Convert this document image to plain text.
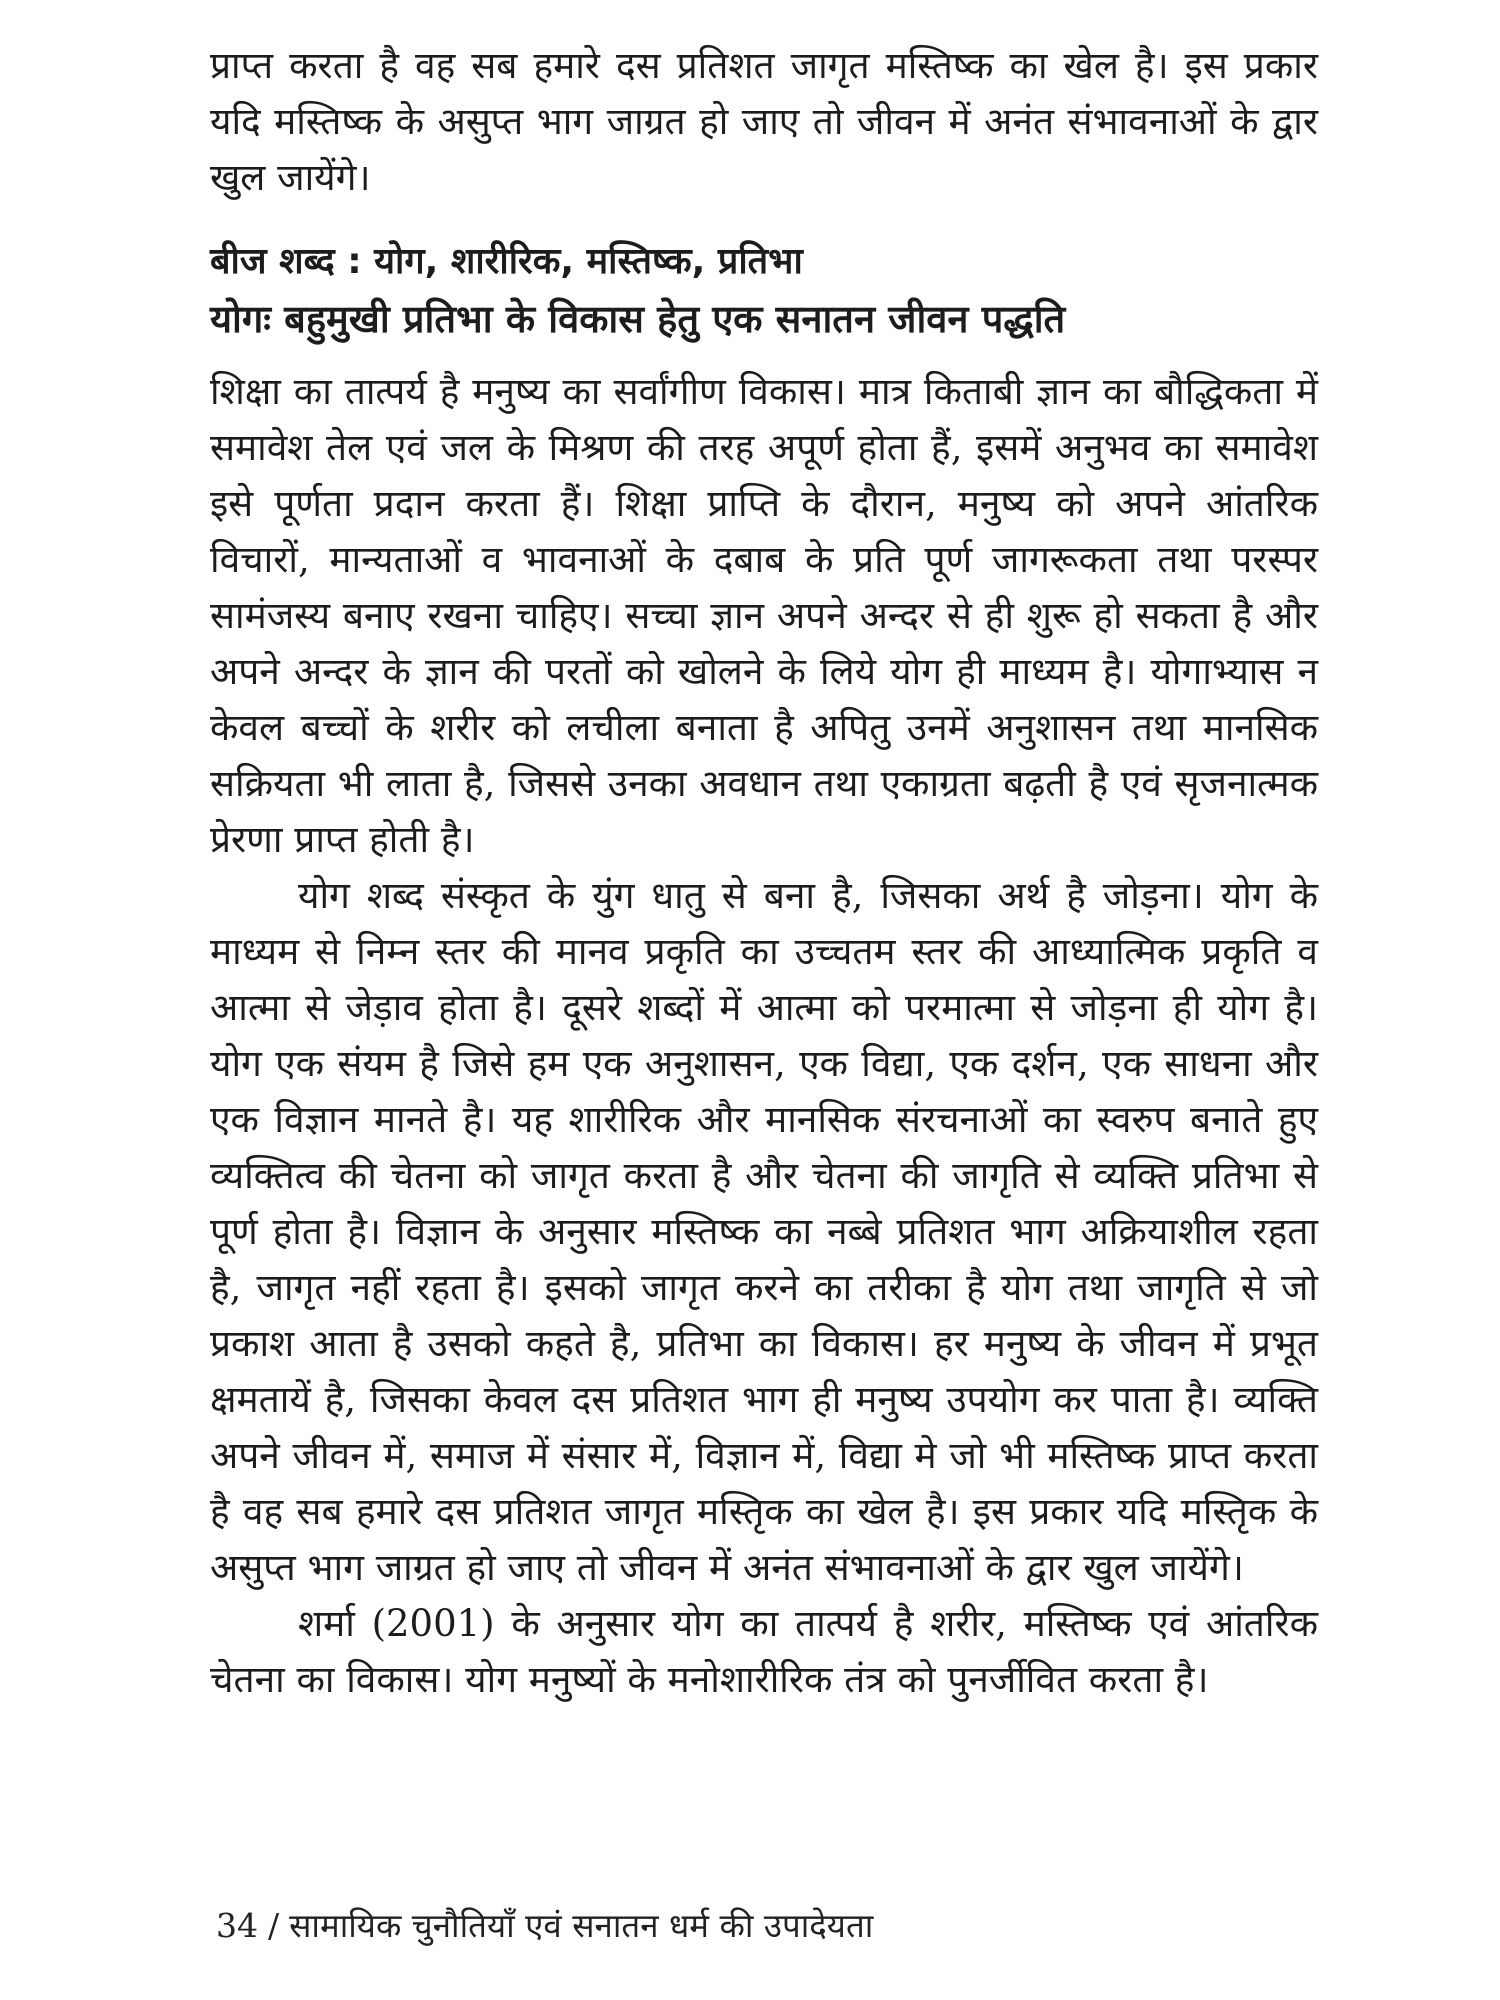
प्राप्त करता है वह सब हमारे दस प्रतिशत जागृत मस्तिष्क का खेल है। इस प्रकार यदि मस्तिष्क के असुप्त भाग जाग्रत हो जाए तो जीवन में अनंत संभावनाओं के द्वार खुल जायेंगे।

बीज शब्द : योग, शारीरिक, मस्तिष्क, प्रतिभा

योगः बहुमुखी प्रतिभा के विकास हेतु एक सनातन जीवन पद्धति

शिक्षा का तात्पर्य है मनुष्य का सर्वांगीण विकास। मात्र किताबी ज्ञान का बौद्धिकता में समावेश तेल एवं जल के मिश्रण की तरह अपूर्ण होता हैं, इसमें अनुभव का समावेश इसे पूर्णता प्रदान करता हैं। शिक्षा प्राप्ति के दौरान, मनुष्य को अपने आंतरिक विचारों, मान्यताओं व भावनाओं के दबाब के प्रति पूर्ण जागरूकता तथा परस्पर सामंजस्य बनाए रखना चाहिए। सच्चा ज्ञान अपने अन्दर से ही शुरू हो सकता है और अपने अन्दर के ज्ञान की परतों को खोलने के लिये योग ही माध्यम है। योगाभ्यास न केवल बच्चों के शरीर को लचीला बनाता है अपितु उनमें अनुशासन तथा मानसिक सक्रियता भी लाता है, जिससे उनका अवधान तथा एकाग्रता बढ़ती है एवं सृजनात्मक प्रेरणा प्राप्त होती है।

योग शब्द संस्कृत के युंग धातु से बना है, जिसका अर्थ है जोड़ना। योग के माध्यम से निम्न स्तर की मानव प्रकृति का उच्चतम स्तर की आध्यात्मिक प्रकृति व आत्मा से जेड़ाव होता है। दूसरे शब्दों में आत्मा को परमात्मा से जोड़ना ही योग है। योग एक संयम है जिसे हम एक अनुशासन, एक विद्या, एक दर्शन, एक साधना और एक विज्ञान मानते है। यह शारीरिक और मानसिक संरचनाओं का स्वरुप बनाते हुए व्यक्तित्व की चेतना को जागृत करता है और चेतना की जागृति से व्यक्ति प्रतिभा से पूर्ण होता है। विज्ञान के अनुसार मस्तिष्क का नब्बे प्रतिशत भाग अक्रियाशील रहता है, जागृत नहीं रहता है। इसको जागृत करने का तरीका है योग तथा जागृति से जो प्रकाश आता है उसको कहते है, प्रतिभा का विकास। हर मनुष्य के जीवन में प्रभूत क्षमतायें है, जिसका केवल दस प्रतिशत भाग ही मनुष्य उपयोग कर पाता है। व्यक्ति अपने जीवन में, समाज में संसार में, विज्ञान में, विद्या मे जो भी मस्तिष्क प्राप्त करता है वह सब हमारे दस प्रतिशत जागृत मस्तिृक का खेल है। इस प्रकार यदि मस्तिृक के असुप्त भाग जाग्रत हो जाए तो जीवन में अनंत संभावनाओं के द्वार खुल जायेंगे।

शर्मा (2001) के अनुसार योग का तात्पर्य है शरीर, मस्तिष्क एवं आंतरिक चेतना का विकास। योग मनुष्यों के मनोशारीरिक तंत्र को पुनर्जीवित करता है।

34 / सामायिक चुनौतियाँ एवं सनातन धर्म की उपादेयता
